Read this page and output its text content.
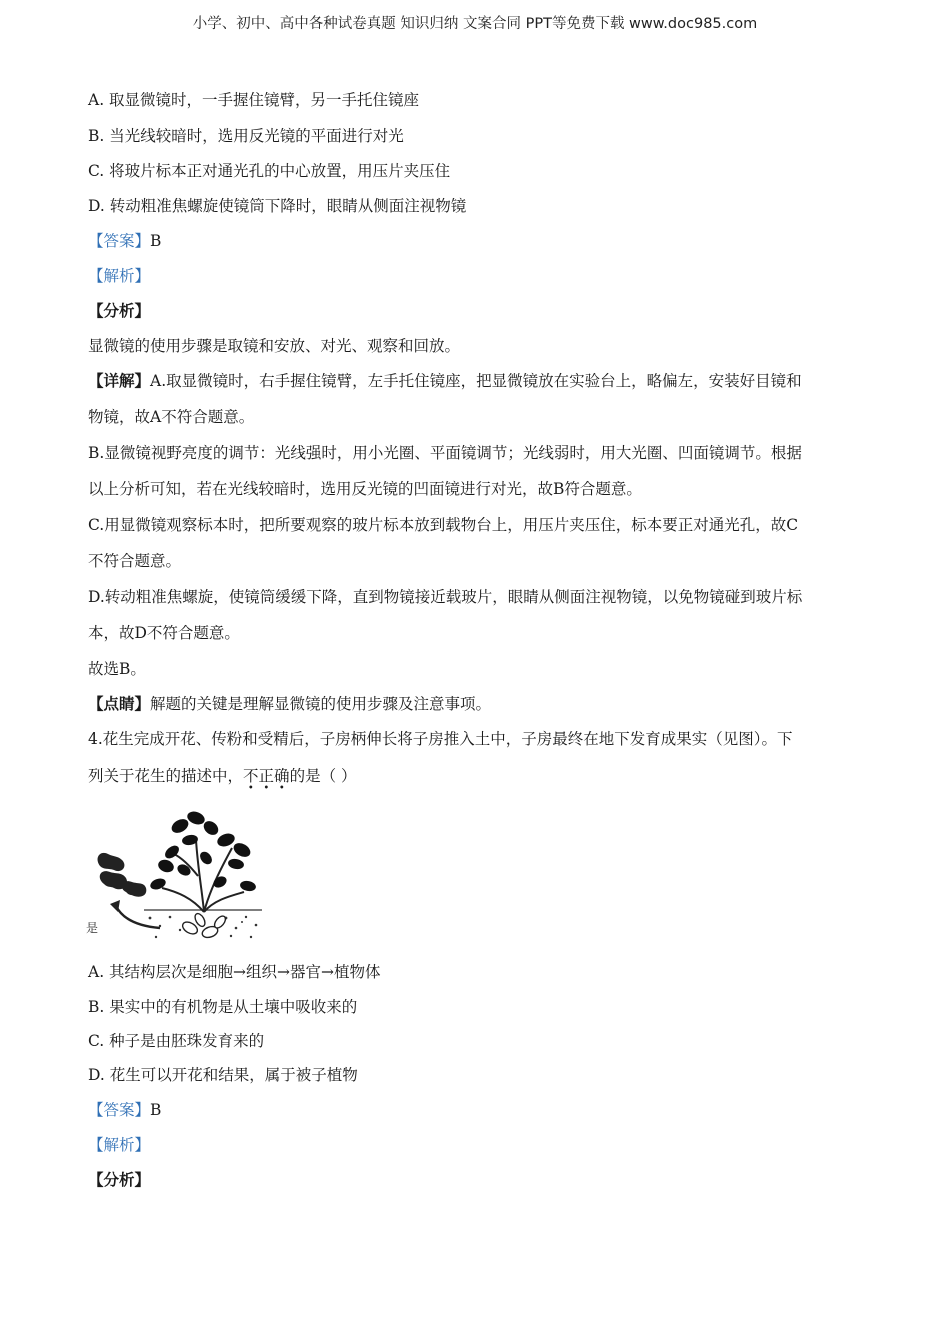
小学、初中、高中各种试卷真题 知识归纳 文案合同 PPT等免费下载 www.doc985.com
A. 取显微镜时，一手握住镜臂，另一手托住镜座
B. 当光线较暗时，选用反光镜的平面进行对光
C. 将玻片标本正对通光孔的中心放置，用压片夹压住
D. 转动粗准焦螺旋使镜筒下降时，眼睛从侧面注视物镜
【答案】B
【解析】
【分析】
显微镜的使用步骤是取镜和安放、对光、观察和回放。
【详解】A.取显微镜时，右手握住镜臂，左手托住镜座，把显微镜放在实验台上，略偏左，安装好目镜和
物镜，故A不符合题意。
B.显微镜视野亮度的调节：光线强时，用小光圈、平面镜调节；光线弱时，用大光圈、凹面镜调节。根据
以上分析可知，若在光线较暗时，选用反光镜的凹面镜进行对光，故B符合题意。
C.用显微镜观察标本时，把所要观察的玻片标本放到载物台上，用压片夹压住，标本要正对通光孔，故C
不符合题意。
D.转动粗准焦螺旋，使镜筒缓缓下降，直到物镜接近载玻片，眼睛从侧面注视物镜，以免物镜碰到玻片标
本，故D不符合题意。
故选B。
【点睛】解题的关键是理解显微镜的使用步骤及注意事项。
4.花生完成开花、传粉和受精后，子房柄伸长将子房推入土中，子房最终在地下发育成果实（见图）。下
列关于花生的描述中，不
•
正
•
确
•
的是（ ）
是
A. 其结构层次是细胞→组织→器官→植物体
B. 果实中的有机物是从土壤中吸收来的
C. 种子是由胚珠发育来的
D. 花生可以开花和结果，属于被子植物
【答案】B
【解析】
【分析】
